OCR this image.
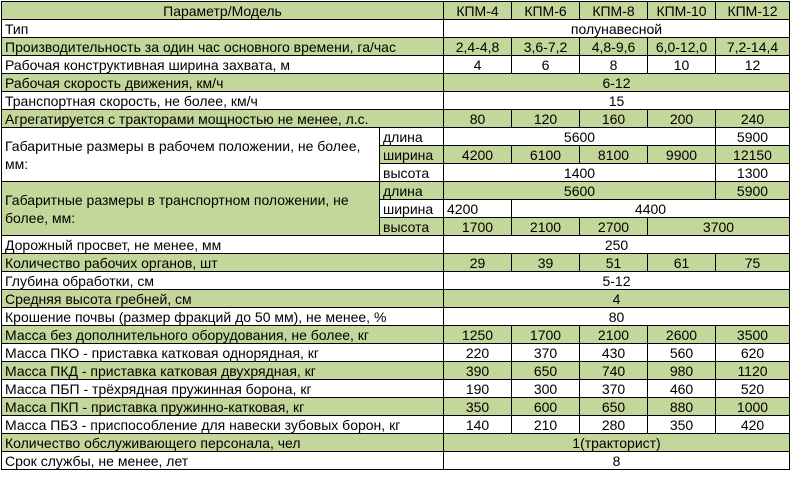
Параметр/Модель		КПМ-4	КПМ-6	КПМ-8	КПМ-10	КПМ-12
Тип		полунавесной				
Производительность за один час основного времени, га/час		2,4-4,8	3,6-7,2	4,8-9,6	6,0-12,0	7,2-14,4
Рабочая конструктивная ширина захвата, м		4	6	8	10	12
Рабочая скорость движения, км/ч		6-12				
Транспортная скорость, не более, км/ч		15				
Агрегатируется с тракторами мощностью не менее, л.с.		80	120	160	200	240
Габаритные размеры в рабочем положении, не более, мм:	длина	5600				5900
	ширина	4200	6100	8100	9900	12150
	высота	1400				1300
Габаритные размеры в транспортном положении, не более, мм:	длина	5600				5900
	ширина	4200	4400			
	высота	1700	2100	2700	3700	
Дорожный просвет, не менее, мм		250				
Количество рабочих органов, шт		29	39	51	61	75
Глубина обработки, см		5-12				
Средняя высота гребней, см		4				
Крошение почвы (размер фракций до 50 мм), не менее, %		80				
Масса без дополнительного оборудования, не более, кг		1250	1700	2100	2600	3500
Масса ПКО - приставка катковая однорядная, кг		220	370	430	560	620
Масса ПКД - приставка катковая двухрядная, кг		390	650	740	980	1120
Масса ПБП - трёхрядная пружинная борона, кг		190	300	370	460	520
Масса ПКП - приставка пружинно-катковая, кг		350	600	650	880	1000
Масса ПБЗ - приспособление для навески зубовых борон, кг		140	210	280	350	420
Количество обслуживающего персонала, чел		1(тракторист)				
Срок службы, не менее, лет		8				
